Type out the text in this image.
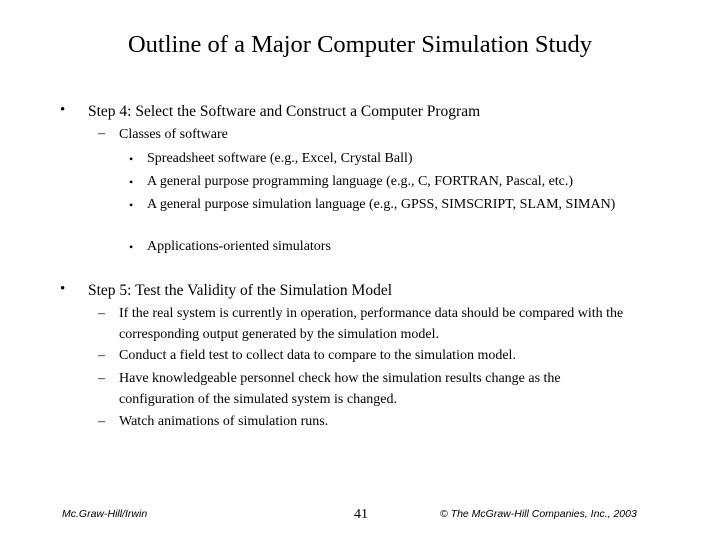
Outline of a Major Computer Simulation Study
• Step 4: Select the Software and Construct a Computer Program
– Classes of software
• Spreadsheet software (e.g., Excel, Crystal Ball)
• A general purpose programming language (e.g., C, FORTRAN, Pascal, etc.)
• A general purpose simulation language (e.g., GPSS, SIMSCRIPT, SLAM, SIMAN)
• Applications-oriented simulators
• Step 5: Test the Validity of the Simulation Model
– If the real system is currently in operation, performance data should be compared with the corresponding output generated by the simulation model.
– Conduct a field test to collect data to compare to the simulation model.
– Have knowledgeable personnel check how the simulation results change as the configuration of the simulated system is changed.
– Watch animations of simulation runs.
Mc.Graw-Hill/Irwin	41	© The McGraw-Hill Companies, Inc., 2003
